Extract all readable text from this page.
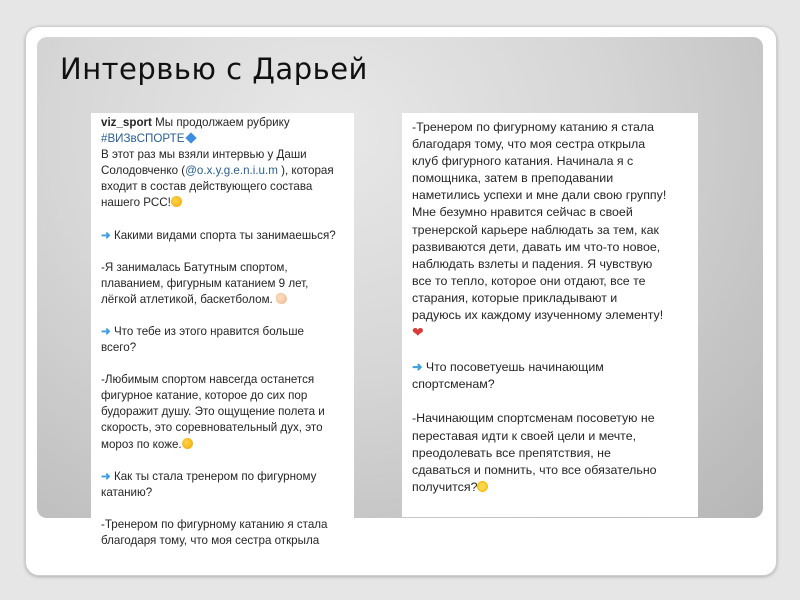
Интервью с Дарьей

viz_sport Мы продолжаем рубрику

#ВИЗвСПОРТЕ

В этот раз мы взяли интервью у Даши

Солодовченко (@o.x.y.g.e.n.i.u.m ), которая

входит в состав действующего состава

нашего РСС!

➜ Какими видами спорта ты занимаешься?

-Я занималась Батутным спортом,

плаванием, фигурным катанием 9 лет,

лёгкой атлетикой, баскетболом.

➜ Что тебе из этого нравится больше

всего?

-Любимым спортом навсегда останется

фигурное катание, которое до сих пор

будоражит душу. Это ощущение полета и

скорость, это соревновательный дух, это

мороз по коже.

➜ Как ты стала тренером по фигурному

катанию?

-Тренером по фигурному катанию я стала

благодаря тому, что моя сестра открыла

-Тренером по фигурному катанию я стала

благодаря тому, что моя сестра открыла

клуб фигурного катания. Начинала я с

помощника, затем в преподавании

наметились успехи и мне дали свою группу!

Мне безумно нравится сейчас в своей

тренерской карьере наблюдать за тем, как

развиваются дети, давать им что-то новое,

наблюдать взлеты и падения. Я чувствую

все то тепло, которое они отдают, все те

старания, которые прикладывают и

радуюсь их каждому изученному элементу!

❤

➜ Что посоветуешь начинающим

спортсменам?

-Начинающим спортсменам посоветую не

переставая идти к своей цели и мечте,

преодолевать все препятствия, не

сдаваться и помнить, что все обязательно

получится?
